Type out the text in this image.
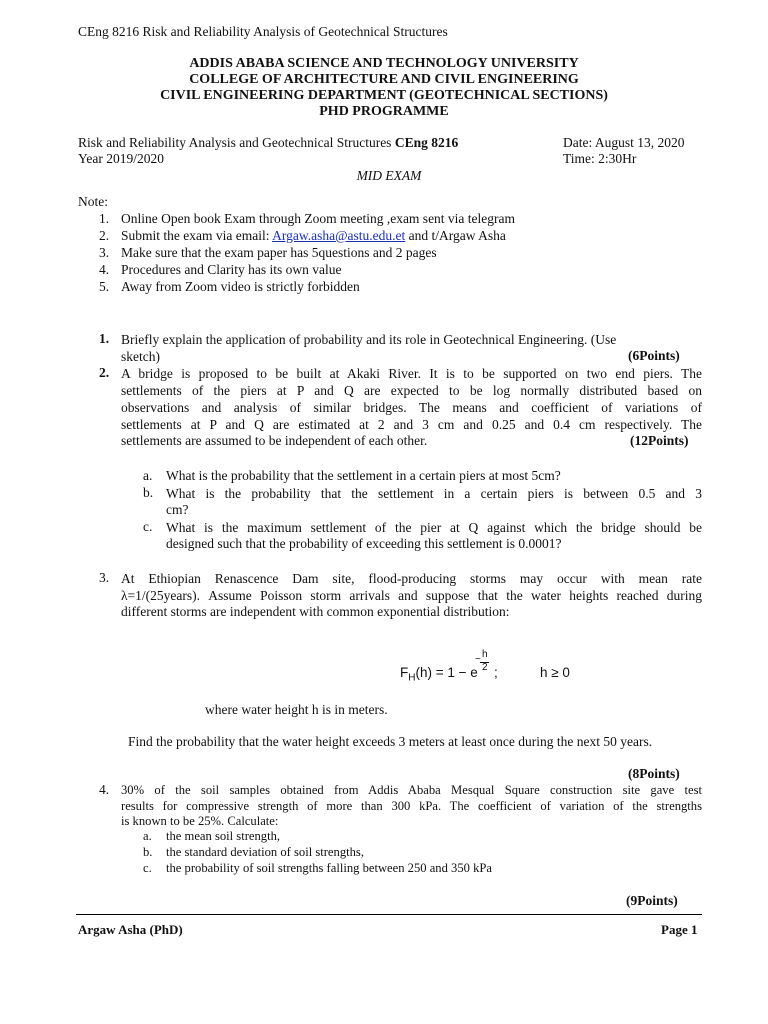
CEng 8216 Risk and Reliability Analysis of Geotechnical Structures
ADDIS ABABA SCIENCE AND TECHNOLOGY UNIVERSITY
COLLEGE OF ARCHITECTURE AND CIVIL ENGINEERING
CIVIL ENGINEERING DEPARTMENT (GEOTECHNICAL SECTIONS)
PHD PROGRAMME
Risk and Reliability Analysis and Geotechnical Structures CEng 8216	Date: August 13, 2020
Year 2019/2020	Time: 2:30Hr
MID EXAM
Note:
1. Online Open book Exam through Zoom meeting ,exam sent via telegram
2. Submit the exam via email: Argaw.asha@astu.edu.et and t/Argaw Asha
3. Make sure that the exam paper has 5questions and 2 pages
4. Procedures and Clarity has its own value
5. Away from Zoom video is strictly forbidden
1. Briefly explain the application of probability and its role in Geotechnical Engineering. (Use
sketch)	(6Points)
2. A bridge is proposed to be built at Akaki River. It is to be supported on two end piers. The
settlements of the piers at P and Q are expected to be log normally distributed based on
observations and analysis of similar bridges. The means and coefficient of variations of
settlements at P and Q are estimated at 2 and 3 cm and 0.25 and 0.4 cm respectively. The
settlements are assumed to be independent of each other.	(12Points)
a. What is the probability that the settlement in a certain piers at most 5cm?
b. What is the probability that the settlement in a certain piers is between 0.5 and 3
cm?
c. What is the maximum settlement of the pier at Q against which the bridge should be
designed such that the probability of exceeding this settlement is 0.0001?
3. At Ethiopian Renascence Dam site, flood-producing storms may occur with mean rate
λ=1/(25years). Assume Poisson storm arrivals and suppose that the water heights reached during
different storms are independent with common exponential distribution:
$F_H(h) = 1 - e$
− h
2 ;	h ≥ 0
where water height h is in meters.
Find the probability that the water height exceeds 3 meters at least once during the next 50 years.
(8Points)
4. 30% of the soil samples obtained from Addis Ababa Mesqual Square construction site gave test
results for compressive strength of more than 300 kPa. The coefficient of variation of the strengths
is known to be 25%. Calculate:
a. the mean soil strength,
b. the standard deviation of soil strengths,
c. the probability of soil strengths falling between 250 and 350 kPa
(9Points)
Argaw Asha (PhD)	Page 1
